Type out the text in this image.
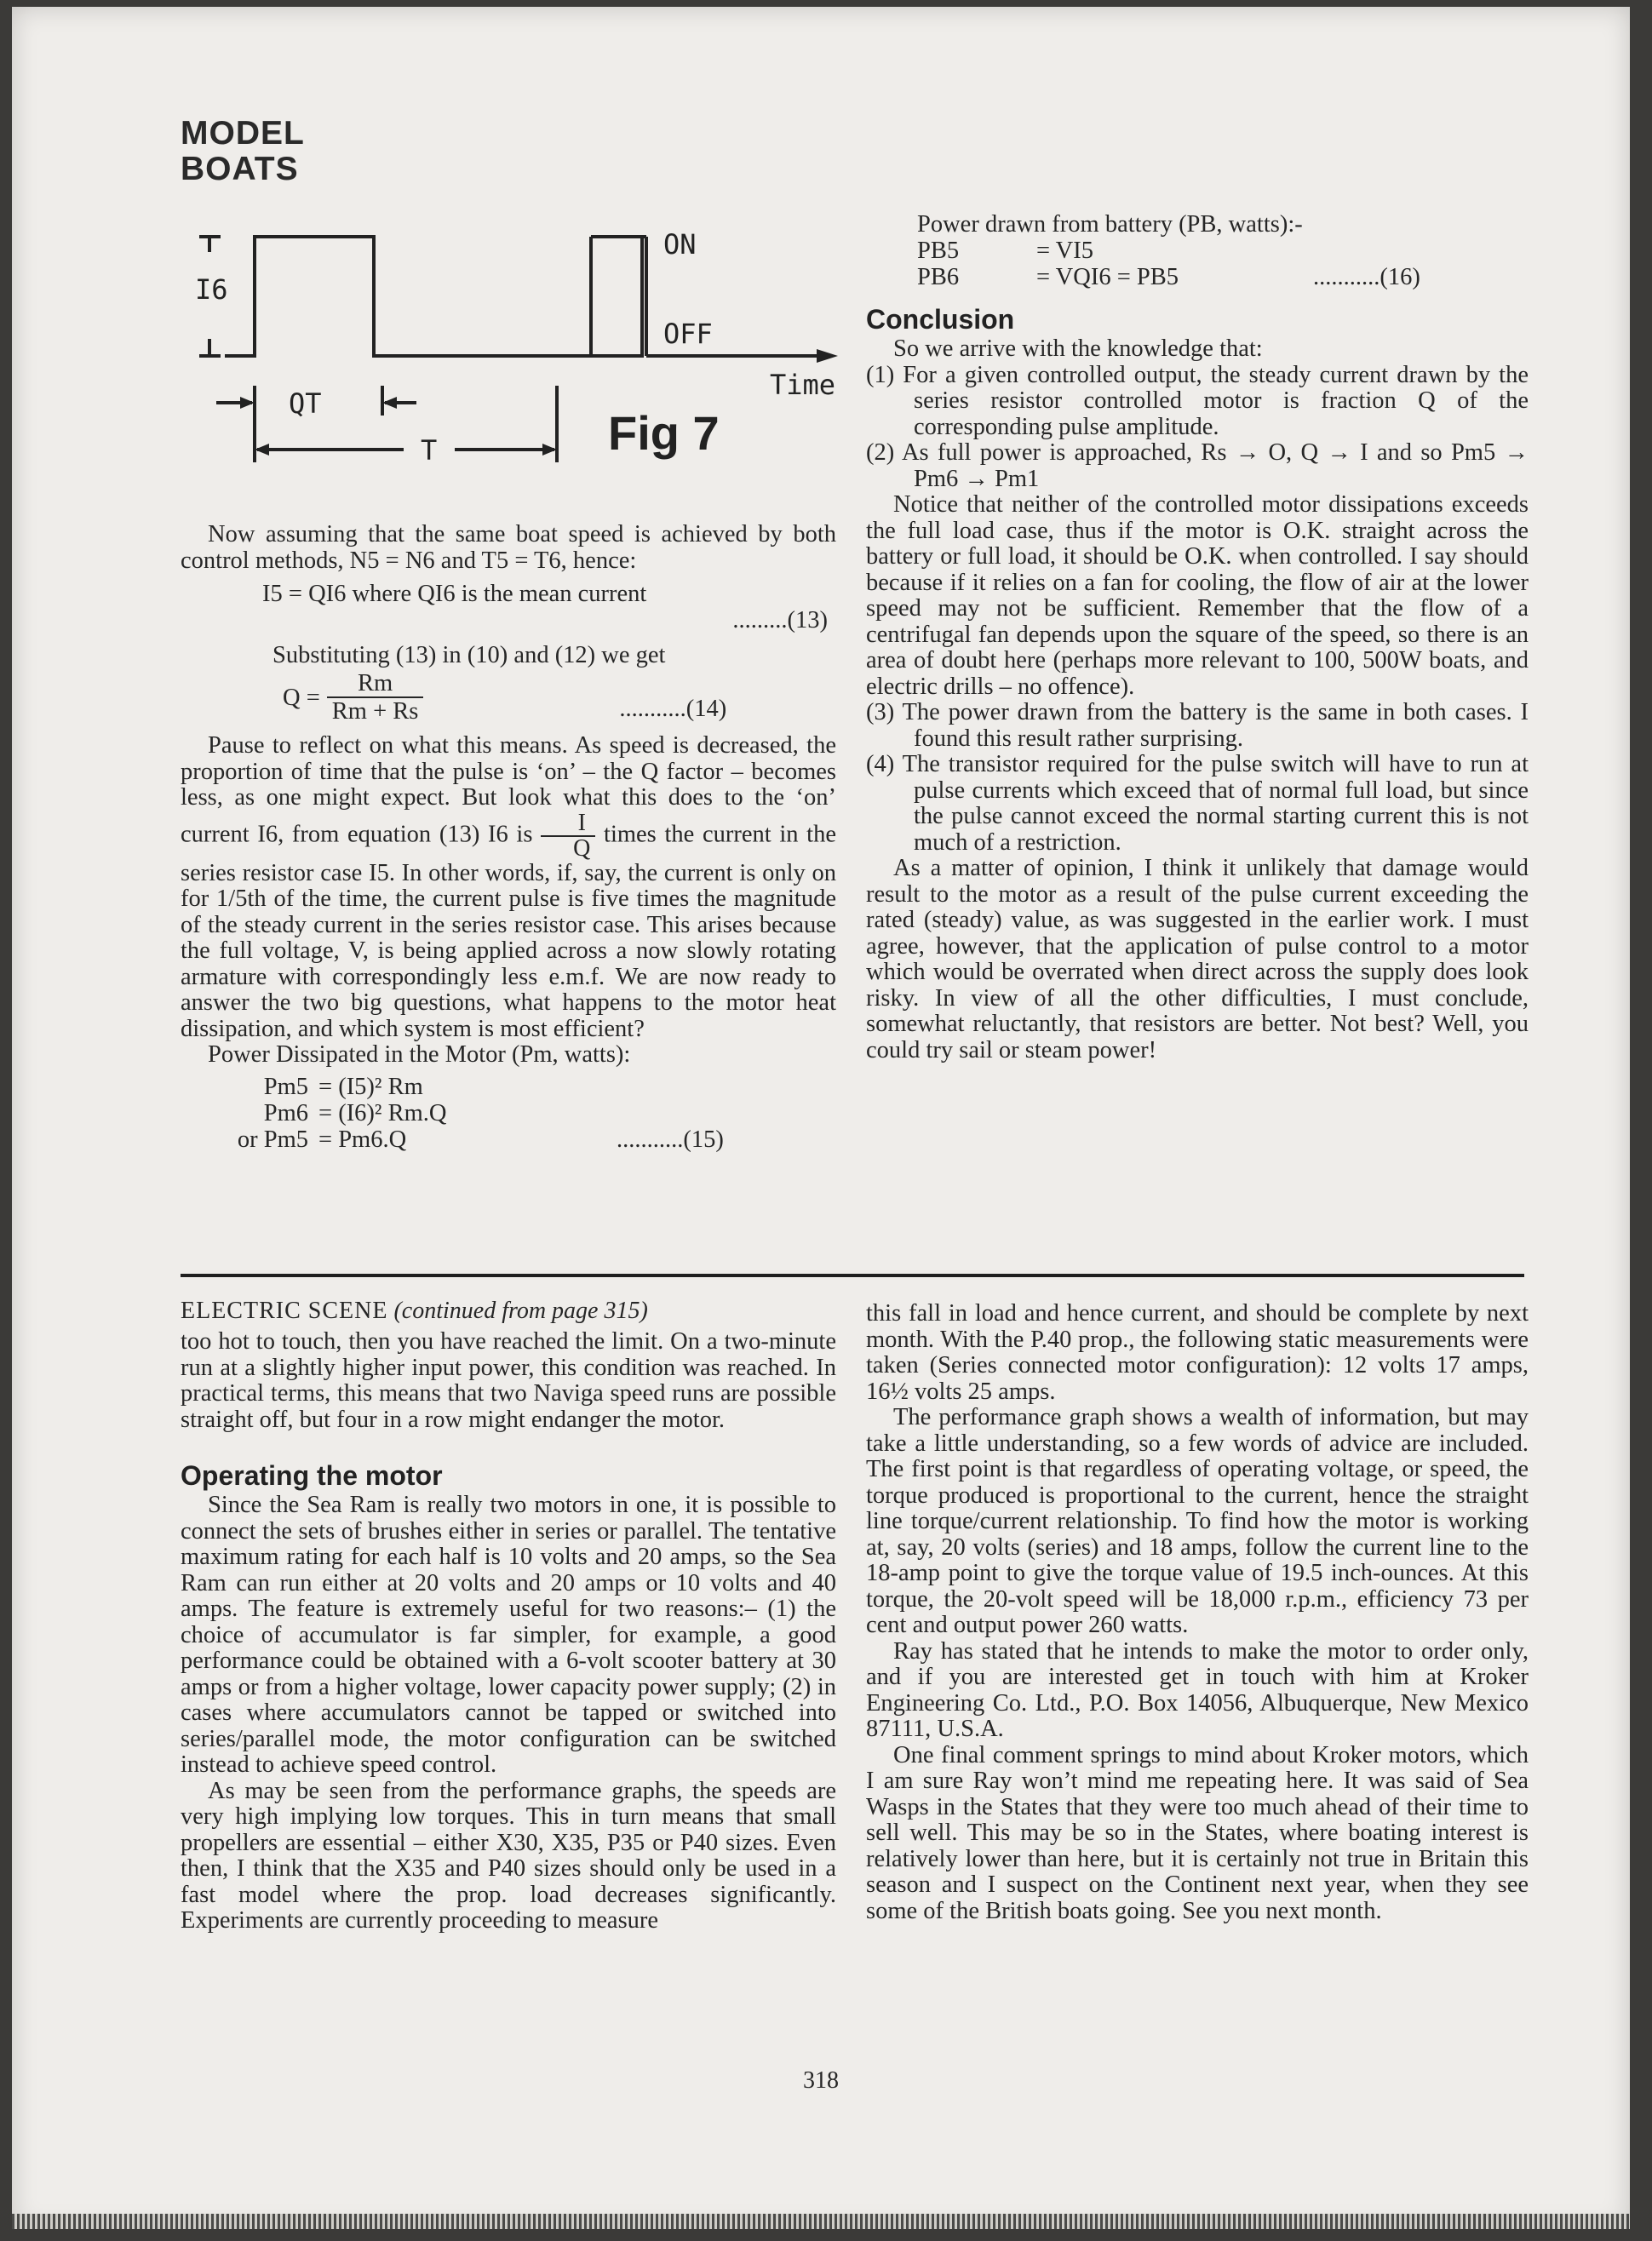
MODEL
BOATS
I6
ON
OFF
Time
QT
T	Fig 7

Now assuming that the same boat speed is achieved by both control methods, N5 = N6 and T5 = T6, hence:

I5 = QI6 where QI6 is the mean current
.........(13)
Substituting (13) in (10) and (12) we get
$Q = \frac{Rm}{Rm + Rs}$	...........(14)

Pause to reflect on what this means. As speed is decreased, the proportion of time that the pulse is ‘on’ – the Q factor – becomes less, as one might expect. But look what this does to the ‘on’ current I6, from equation (13) I6 is $\frac{I}{Q}$ times the current in the series resistor case I5. In other words, if, say, the current is only on for 1/5th of the time, the current pulse is five times the magnitude of the steady current in the series resistor case. This arises because the full voltage, V, is being applied across a now slowly rotating armature with correspondingly less e.m.f. We are now ready to answer the two big questions, what happens to the motor heat dissipation, and which system is most efficient?

Power Dissipated in the Motor (Pm, watts):

Pm5 = (I5)² Rm
Pm6 = (I6)² Rm.Q
or Pm5 = Pm6.Q	...........(15)
Power drawn from battery (PB, watts):-
PB5	= VI5
PB6	= VQI6 = PB5	...........(16)
Conclusion

So we arrive with the knowledge that:

(1) For a given controlled output, the steady current drawn by the series resistor controlled motor is fraction Q of the corresponding pulse amplitude.

(2) As full power is approached, Rs → O, Q → I and so Pm5 → Pm6 → Pm1

Notice that neither of the controlled motor dissipations exceeds the full load case, thus if the motor is O.K. straight across the battery or full load, it should be O.K. when controlled. I say should because if it relies on a fan for cooling, the flow of air at the lower speed may not be sufficient. Remember that the flow of a centrifugal fan depends upon the square of the speed, so there is an area of doubt here (perhaps more relevant to 100, 500W boats, and electric drills – no offence).

(3) The power drawn from the battery is the same in both cases. I found this result rather surprising.

(4) The transistor required for the pulse switch will have to run at pulse currents which exceed that of normal full load, but since the pulse cannot exceed the normal starting current this is not much of a restriction.

As a matter of opinion, I think it unlikely that damage would result to the motor as a result of the pulse current exceeding the rated (steady) value, as was suggested in the earlier work. I must agree, however, that the application of pulse control to a motor which would be overrated when direct across the supply does look risky. In view of all the other difficulties, I must conclude, somewhat reluctantly, that resistors are better. Not best? Well, you could try sail or steam power!

ELECTRIC SCENE (continued from page 315)

too hot to touch, then you have reached the limit. On a two-minute run at a slightly higher input power, this condition was reached. In practical terms, this means that two Naviga speed runs are possible straight off, but four in a row might endanger the motor.

Operating the motor

Since the Sea Ram is really two motors in one, it is possible to connect the sets of brushes either in series or parallel. The tentative maximum rating for each half is 10 volts and 20 amps, so the Sea Ram can run either at 20 volts and 20 amps or 10 volts and 40 amps. The feature is extremely useful for two reasons:– (1) the choice of accumulator is far simpler, for example, a good performance could be obtained with a 6-volt scooter battery at 30 amps or from a higher voltage, lower capacity power supply; (2) in cases where accumulators cannot be tapped or switched into series/parallel mode, the motor configuration can be switched instead to achieve speed control.

As may be seen from the performance graphs, the speeds are very high implying low torques. This in turn means that small propellers are essential – either X30, X35, P35 or P40 sizes. Even then, I think that the X35 and P40 sizes should only be used in a fast model where the prop. load decreases significantly. Experiments are currently proceeding to measure

this fall in load and hence current, and should be complete by next month. With the P.40 prop., the following static measurements were taken (Series connected motor configuration): 12 volts 17 amps, 16½ volts 25 amps.

The performance graph shows a wealth of information, but may take a little understanding, so a few words of advice are included. The first point is that regardless of operating voltage, or speed, the torque produced is proportional to the current, hence the straight line torque/current relationship. To find how the motor is working at, say, 20 volts (series) and 18 amps, follow the current line to the 18-amp point to give the torque value of 19.5 inch-ounces. At this torque, the 20-volt speed will be 18,000 r.p.m., efficiency 73 per cent and output power 260 watts.

Ray has stated that he intends to make the motor to order only, and if you are interested get in touch with him at Kroker Engineering Co. Ltd., P.O. Box 14056, Albuquerque, New Mexico 87111, U.S.A.

One final comment springs to mind about Kroker motors, which I am sure Ray won’t mind me repeating here. It was said of Sea Wasps in the States that they were too much ahead of their time to sell well. This may be so in the States, where boating interest is relatively lower than here, but it is certainly not true in Britain this season and I suspect on the Continent next year, when they see some of the British boats going. See you next month.

318
